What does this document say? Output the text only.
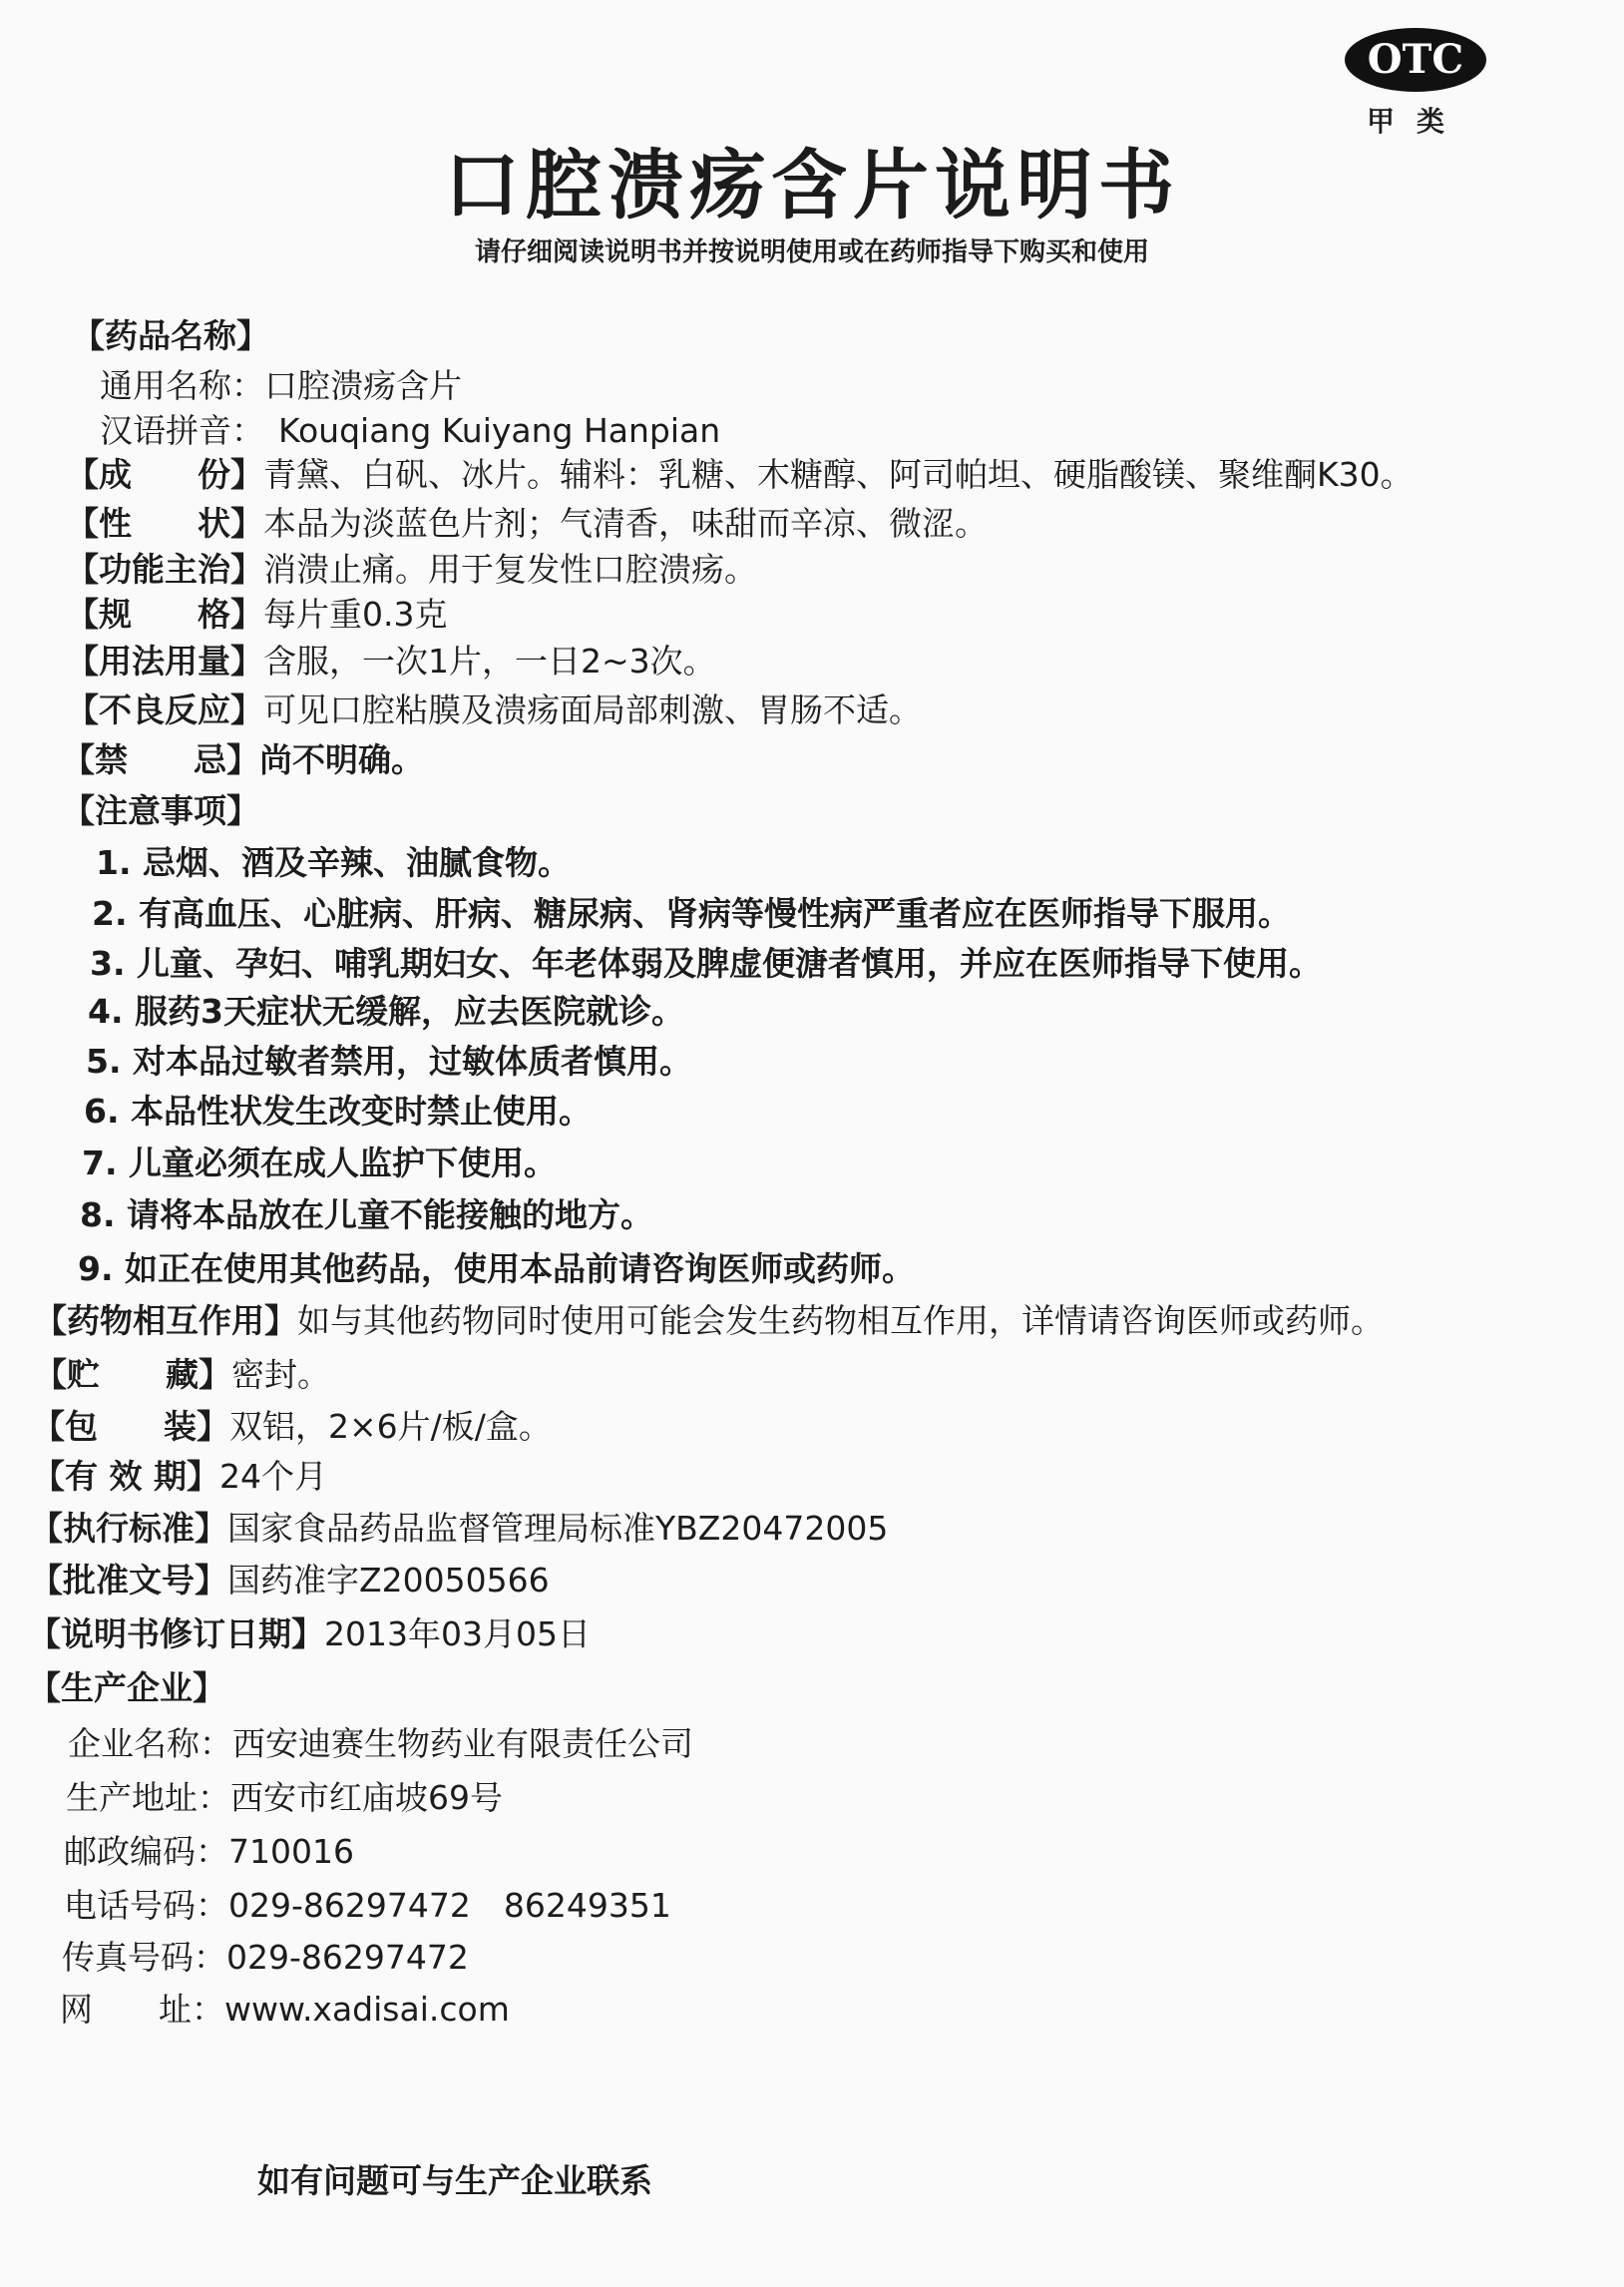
OTC
甲类
口腔溃疡含片说明书
请仔细阅读说明书并按说明使用或在药师指导下购买和使用
【药品名称】
通用名称：口腔溃疡含片
汉语拼音： Kouqiang Kuiyang Hanpian
【成　　份】青黛、白矾、冰片。辅料：乳糖、木糖醇、阿司帕坦、硬脂酸镁、聚维酮K30。
【性　　状】本品为淡蓝色片剂；气清香，味甜而辛凉、微涩。
【功能主治】消溃止痛。用于复发性口腔溃疡。
【规　　格】每片重0.3克
【用法用量】含服，一次1片，一日2~3次。
【不良反应】可见口腔粘膜及溃疡面局部刺激、胃肠不适。
【禁　　忌】尚不明确。
【注意事项】
1. 忌烟、酒及辛辣、油腻食物。
2. 有高血压、心脏病、肝病、糖尿病、肾病等慢性病严重者应在医师指导下服用。
3. 儿童、孕妇、哺乳期妇女、年老体弱及脾虚便溏者慎用，并应在医师指导下使用。
4. 服药3天症状无缓解，应去医院就诊。
5. 对本品过敏者禁用，过敏体质者慎用。
6. 本品性状发生改变时禁止使用。
7. 儿童必须在成人监护下使用。
8. 请将本品放在儿童不能接触的地方。
9. 如正在使用其他药品，使用本品前请咨询医师或药师。
【药物相互作用】如与其他药物同时使用可能会发生药物相互作用，详情请咨询医师或药师。
【贮　　藏】密封。
【包　　装】双铝，2×6片/板/盒。
【有 效 期】24个月
【执行标准】国家食品药品监督管理局标准YBZ20472005
【批准文号】国药准字Z20050566
【说明书修订日期】2013年03月05日
【生产企业】
企业名称：西安迪赛生物药业有限责任公司
生产地址：西安市红庙坡69号
邮政编码：710016
电话号码：029-86297472　86249351
传真号码：029-86297472
网　　址：www.xadisai.com
如有问题可与生产企业联系
